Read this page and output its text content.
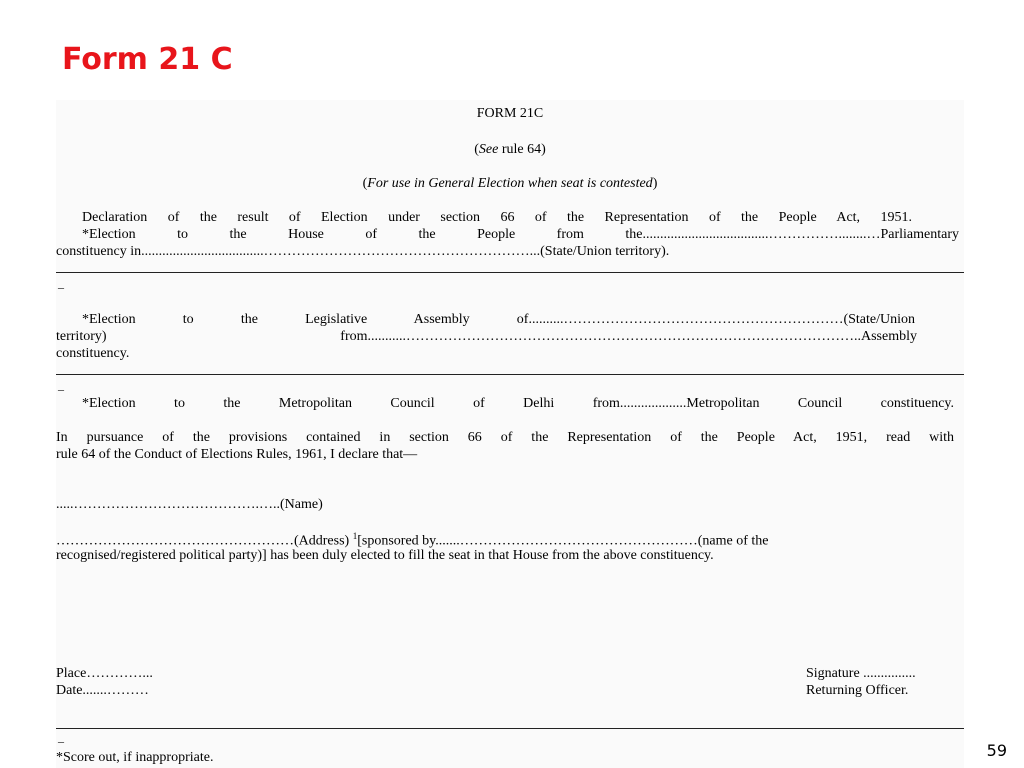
Form 21 C
FORM 21C
(See rule 64)
(For use in General Election when seat is contested)
Declaration of the result of Election under section 66 of the Representation of the People Act, 1951.
*Election to the House of the People from the....................................……………........…Parliamentary
constituency in...................................…………………………………………………...(State/Union territory).
_
*Election to the Legislative Assembly of..........……………………………………………………(State/Union
territory) from...........……………………………………………………………………………………..Assembly
constituency.
_
*Election to the Metropolitan Council of Delhi from...................Metropolitan Council constituency.
In pursuance of the provisions contained in section 66 of the Representation of the People Act, 1951, read with
rule 64 of the Conduct of Elections Rules, 1961, I declare that—
.....………………………………….…..(Name)
……………………………………………(Address) $^1$[sponsored by.......……………………………………………(name of the
recognised/registered political party)] has been duly elected to fill the seat in that House from the above constituency.
Place…………...
Date.......………
Signature ...............
Returning Officer.
_
*Score out, if inappropriate.	59
